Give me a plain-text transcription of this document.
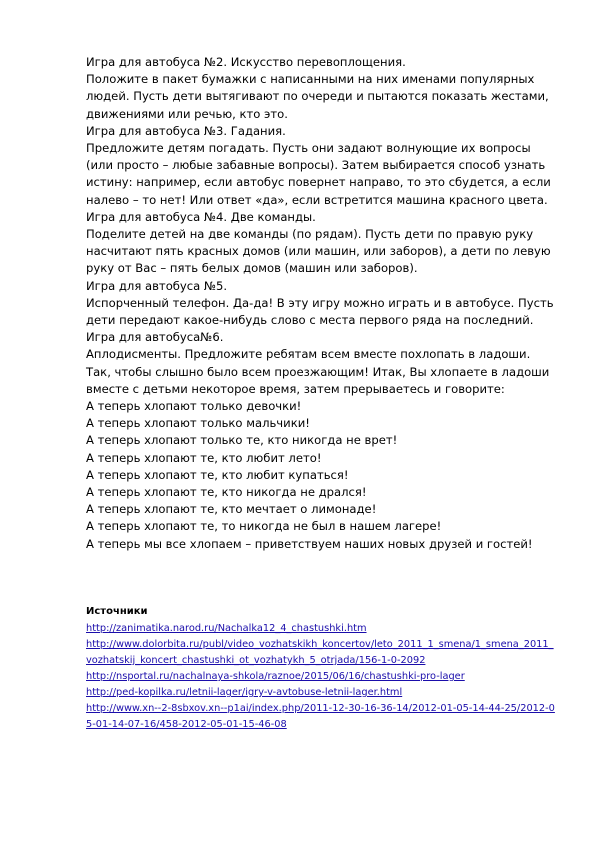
Игра для автобуса №2. Искусство перевоплощения.

Положите в пакет бумажки с написанными на них именами популярных людей. Пусть дети вытягивают по очереди и пытаются показать жестами, движениями или речью, кто это.

Игра для автобуса №3. Гадания.

Предложите детям погадать. Пусть они задают волнующие их вопросы (или просто – любые забавные вопросы). Затем выбирается способ узнать истину: например, если автобус повернет направо, то это сбудется, а если налево – то нет! Или ответ «да», если встретится машина красного цвета.

Игра для автобуса №4. Две команды.

Поделите детей на две команды (по рядам). Пусть дети по правую руку насчитают пять красных домов (или машин, или заборов), а дети по левую руку от Вас – пять белых домов (машин или заборов).

Игра для автобуса №5.

Испорченный телефон. Да-да! В эту игру можно играть и в автобусе. Пусть дети передают какое-нибудь слово с места первого ряда на последний.

Игра для автобуса№6.

Аплодисменты. Предложите ребятам всем вместе похлопать в ладоши. Так, чтобы слышно было всем проезжающим! Итак, Вы хлопаете в ладоши вместе с детьми некоторое время, затем прерываетесь и говорите:

А теперь хлопают только девочки!

А теперь хлопают только мальчики!

А теперь хлопают только те, кто никогда не врет!

А теперь хлопают те, кто любит лето!

А теперь хлопают те, кто любит купаться!

А теперь хлопают те, кто никогда не дрался!

А теперь хлопают те, кто мечтает о лимонаде!

А теперь хлопают те, то никогда не был в нашем лагере!

А теперь мы все хлопаем – приветствуем наших новых друзей и гостей!

Источники
http://zanimatika.narod.ru/Nachalka12_4_chastushki.htm
http://www.dolorbita.ru/publ/video_vozhatskikh_koncertov/leto_2011_1_smena/1_smena_2011_vozhatskij_koncert_chastushki_ot_vozhatykh_5_otrjada/156-1-0-2092
http://nsportal.ru/nachalnaya-shkola/raznoe/2015/06/16/chastushki-pro-lager
http://ped-kopilka.ru/letnii-lager/igry-v-avtobuse-letnii-lager.html
http://www.xn--2-8sbxov.xn--p1ai/index.php/2011-12-30-16-36-14/2012-01-05-14-44-25/2012-05-01-14-07-16/458-2012-05-01-15-46-08
